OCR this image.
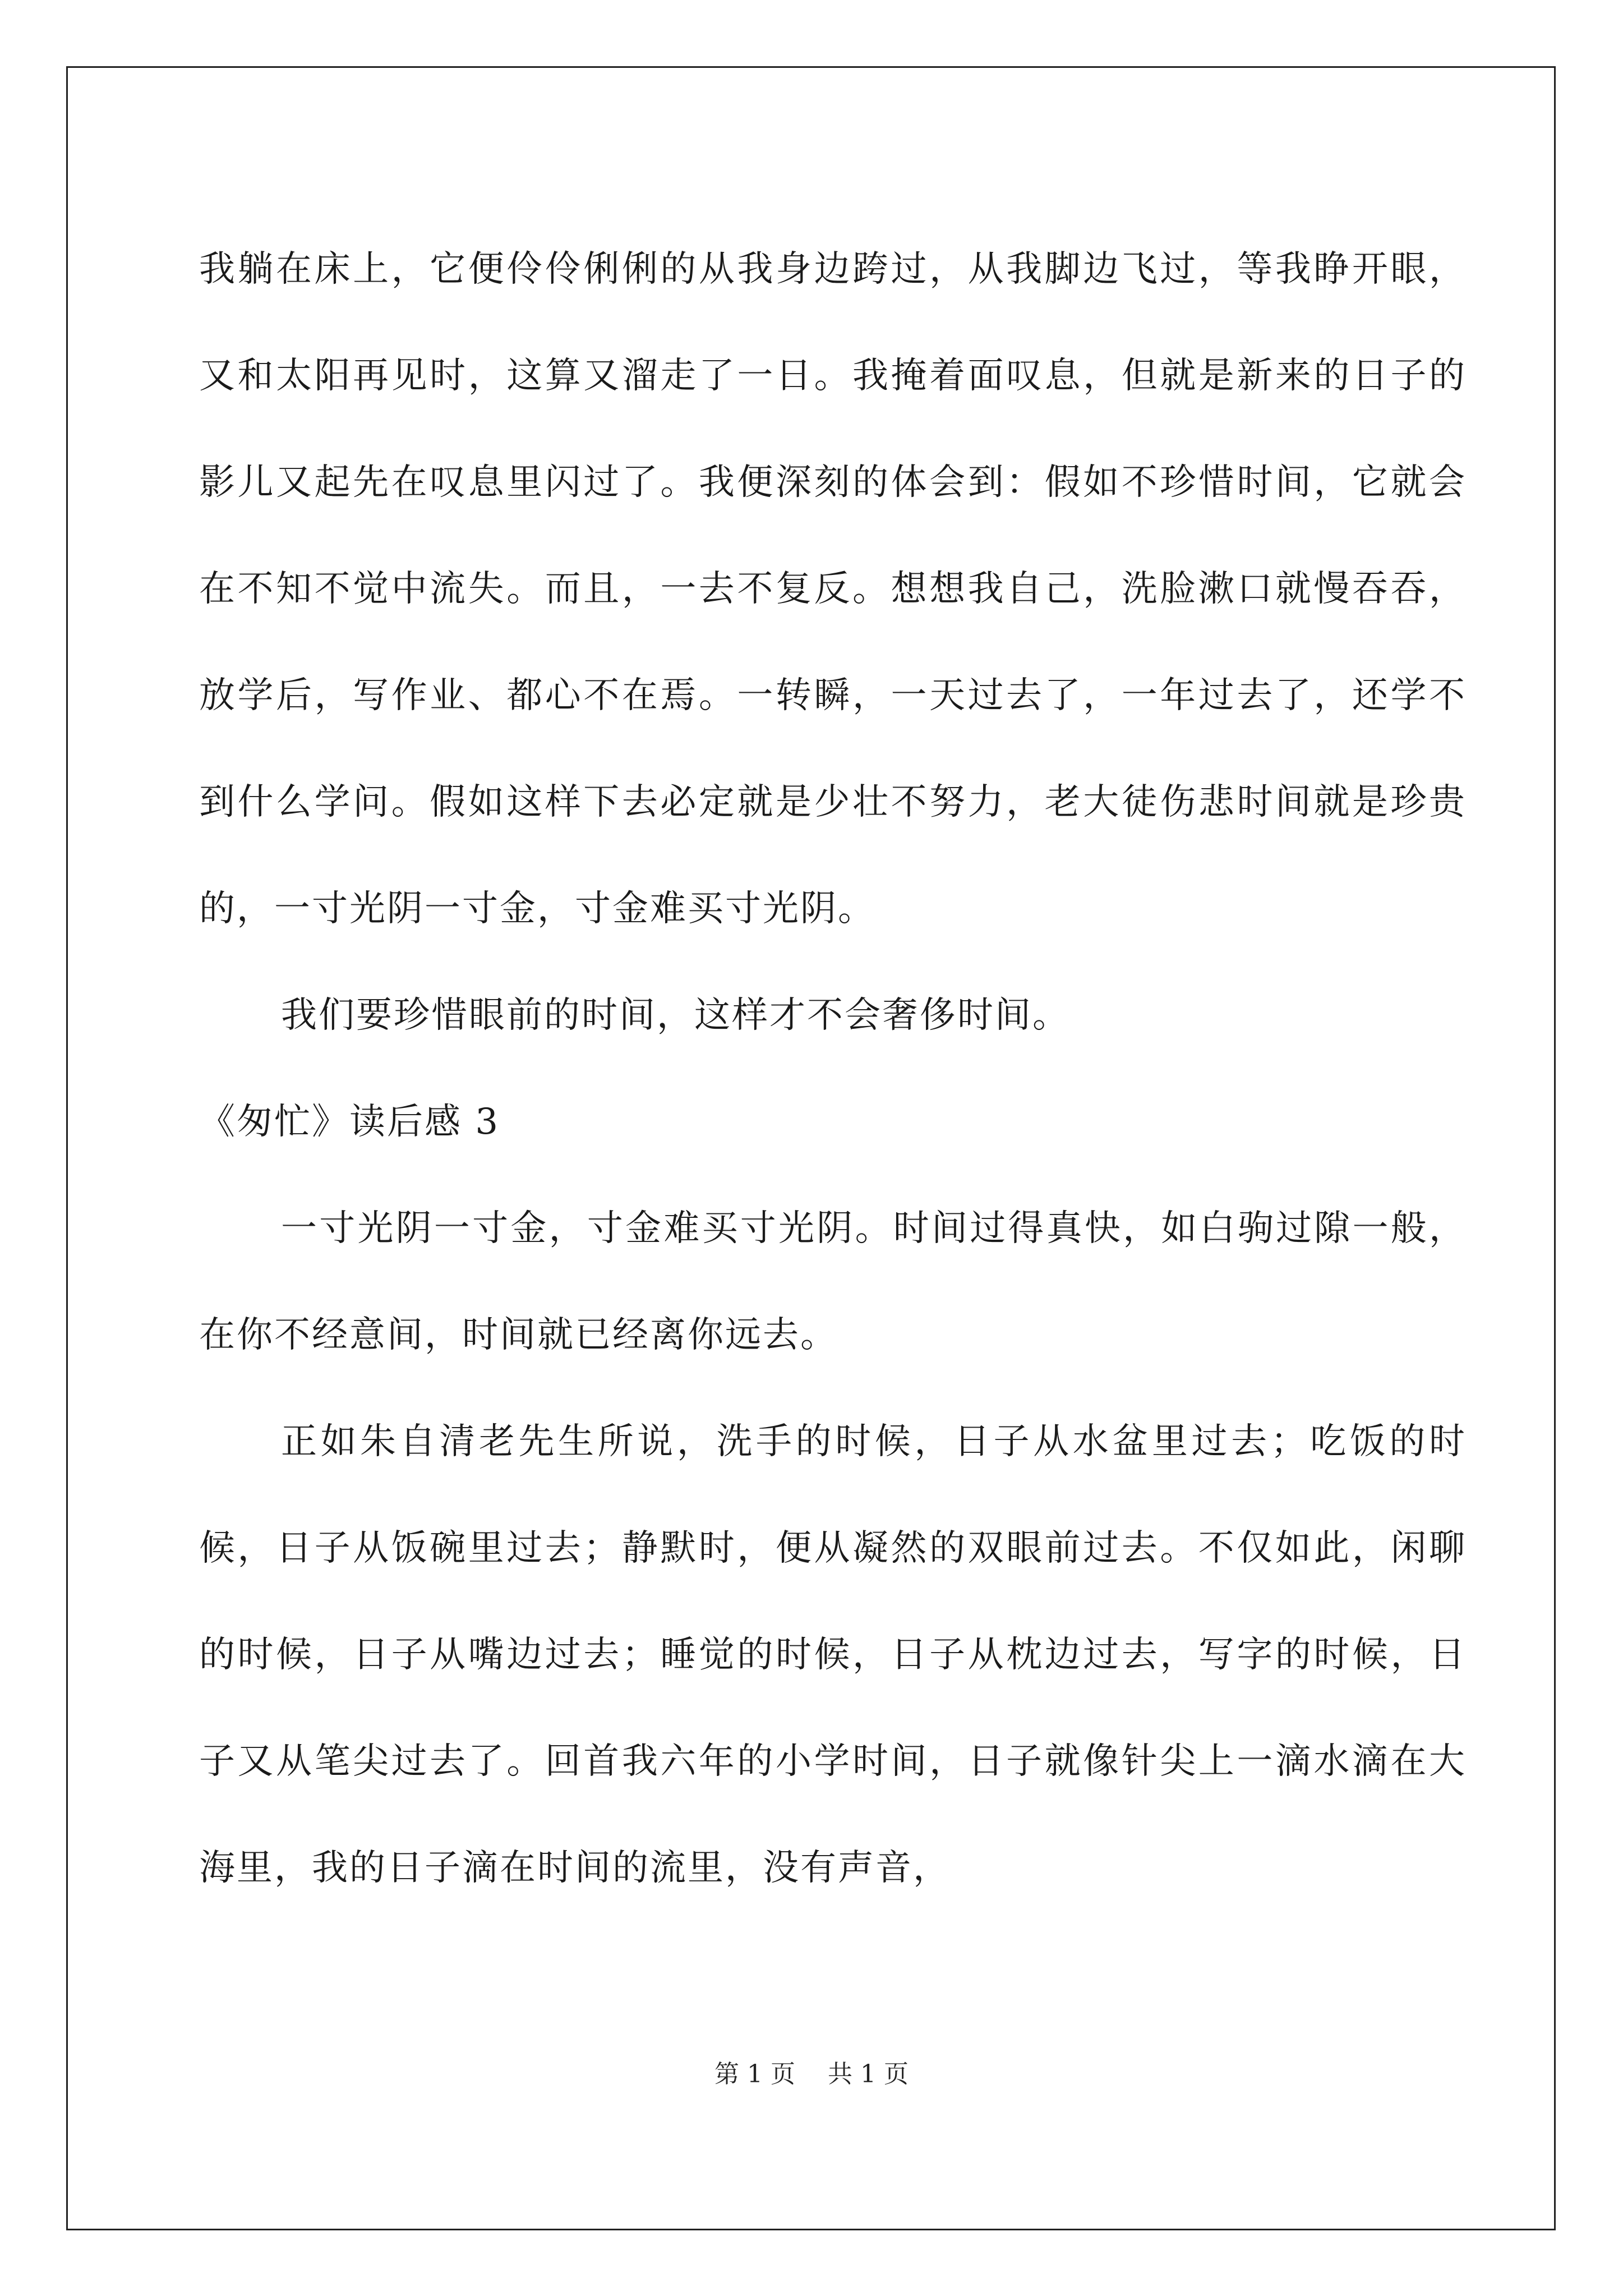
我躺在床上，它便伶伶俐俐的从我身边跨过，从我脚边飞过，等我睁开眼，又和太阳再见时，这算又溜走了一日。我掩着面叹息，但就是新来的日子的影儿又起先在叹息里闪过了。我便深刻的体会到：假如不珍惜时间，它就会在不知不觉中流失。而且，一去不复反。想想我自己，洗脸漱口就慢吞吞，放学后，写作业、都心不在焉。一转瞬，一天过去了，一年过去了，还学不到什么学问。假如这样下去必定就是少壮不努力，老大徒伤悲时间就是珍贵的，一寸光阴一寸金，寸金难买寸光阴。

我们要珍惜眼前的时间，这样才不会奢侈时间。

《匆忙》读后感 3

一寸光阴一寸金，寸金难买寸光阴。时间过得真快，如白驹过隙一般，在你不经意间，时间就已经离你远去。

正如朱自清老先生所说，洗手的时候，日子从水盆里过去；吃饭的时候，日子从饭碗里过去；静默时，便从凝然的双眼前过去。不仅如此，闲聊的时候，日子从嘴边过去；睡觉的时候，日子从枕边过去，写字的时候，日子又从笔尖过去了。回首我六年的小学时间，日子就像针尖上一滴水滴在大海里，我的日子滴在时间的流里，没有声音，

第 1 页 共 1 页
